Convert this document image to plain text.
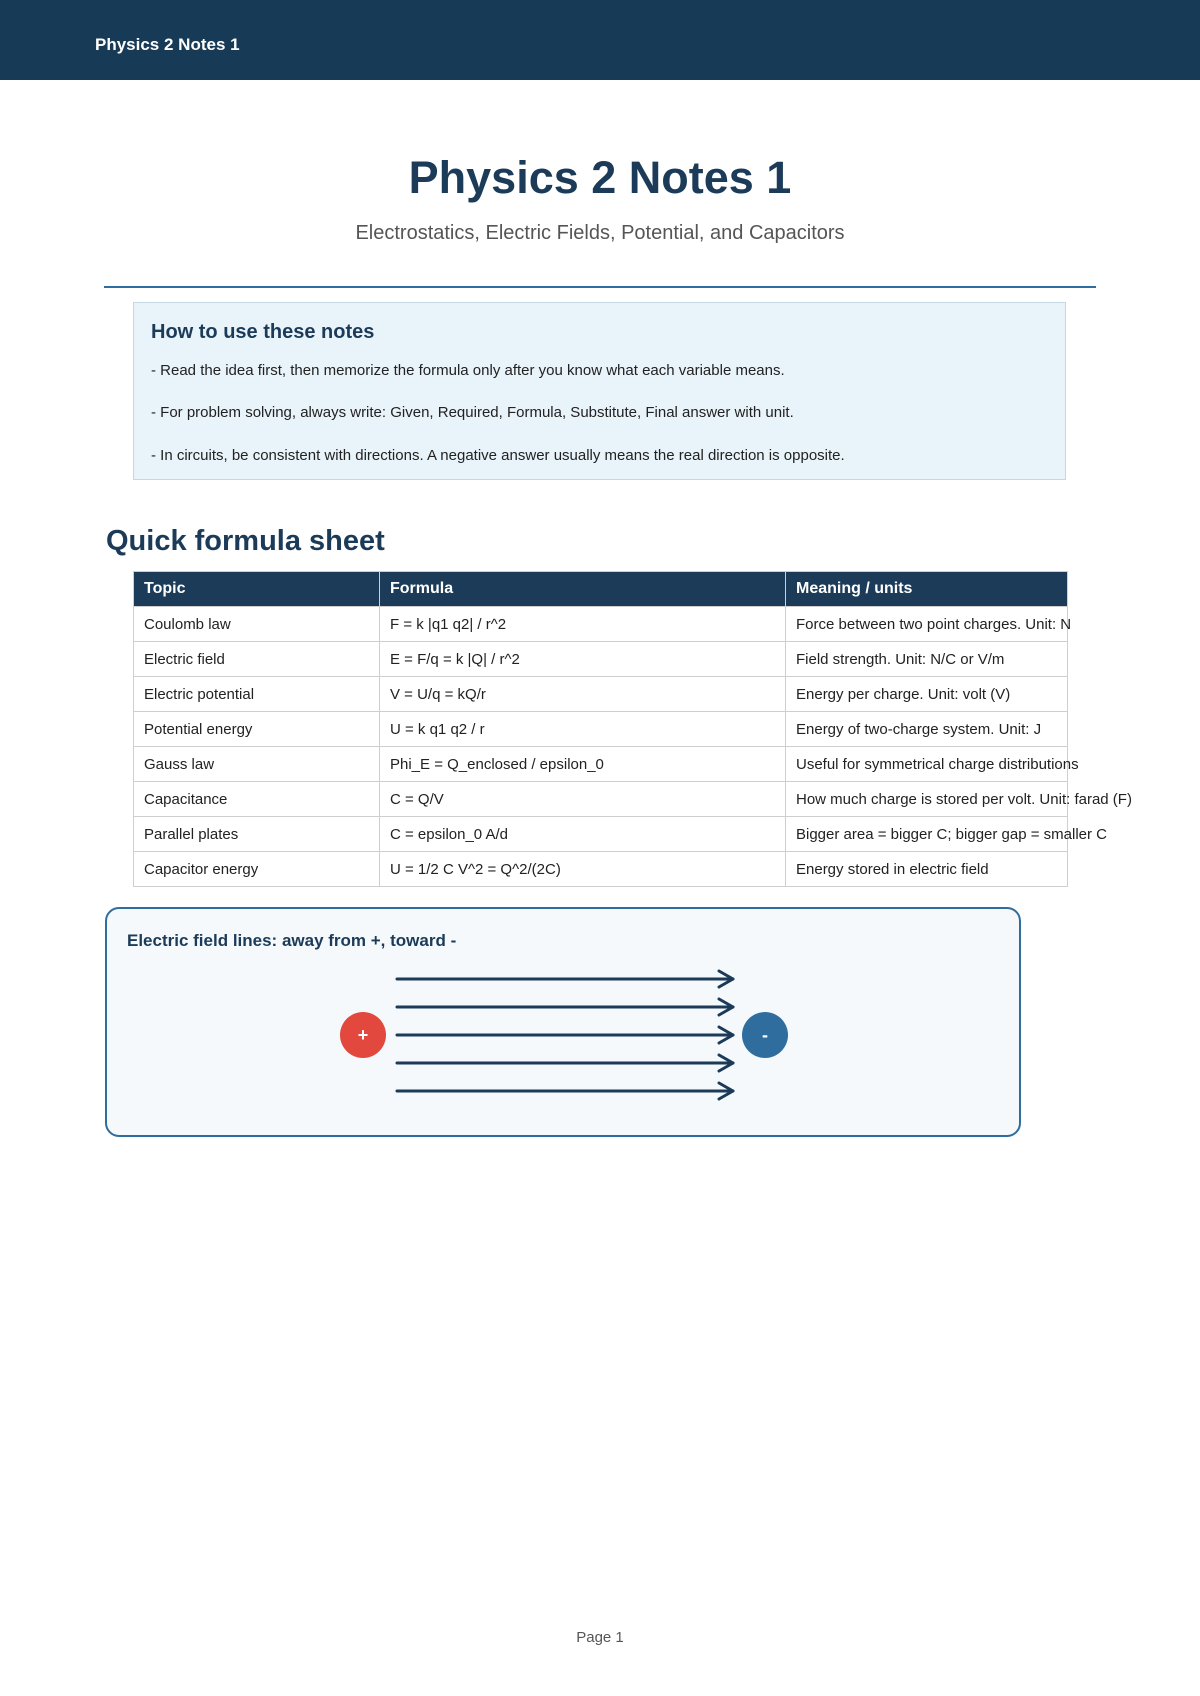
Physics 2 Notes 1
Physics 2 Notes 1
Electrostatics, Electric Fields, Potential, and Capacitors
How to use these notes
- Read the idea first, then memorize the formula only after you know what each variable means.
- For problem solving, always write: Given, Required, Formula, Substitute, Final answer with unit.
- In circuits, be consistent with directions. A negative answer usually means the real direction is opposite.
Quick formula sheet
Topic	Formula	Meaning / units
Coulomb law	F = k |q1 q2| / r^2	Force between two point charges. Unit: N
Electric field	E = F/q = k |Q| / r^2	Field strength. Unit: N/C or V/m
Electric potential	V = U/q = kQ/r	Energy per charge. Unit: volt (V)
Potential energy	U = k q1 q2 / r	Energy of two-charge system. Unit: J
Gauss law	Phi_E = Q_enclosed / epsilon_0	Useful for symmetrical charge distributions
Capacitance	C = Q/V	How much charge is stored per volt. Unit: farad (F)
Parallel plates	C = epsilon_0 A/d	Bigger area = bigger C; bigger gap = smaller C
Capacitor energy	U = 1/2 C V^2 = Q^2/(2C)	Energy stored in electric field
Electric field lines: away from +, toward -
+	-
Page 1
